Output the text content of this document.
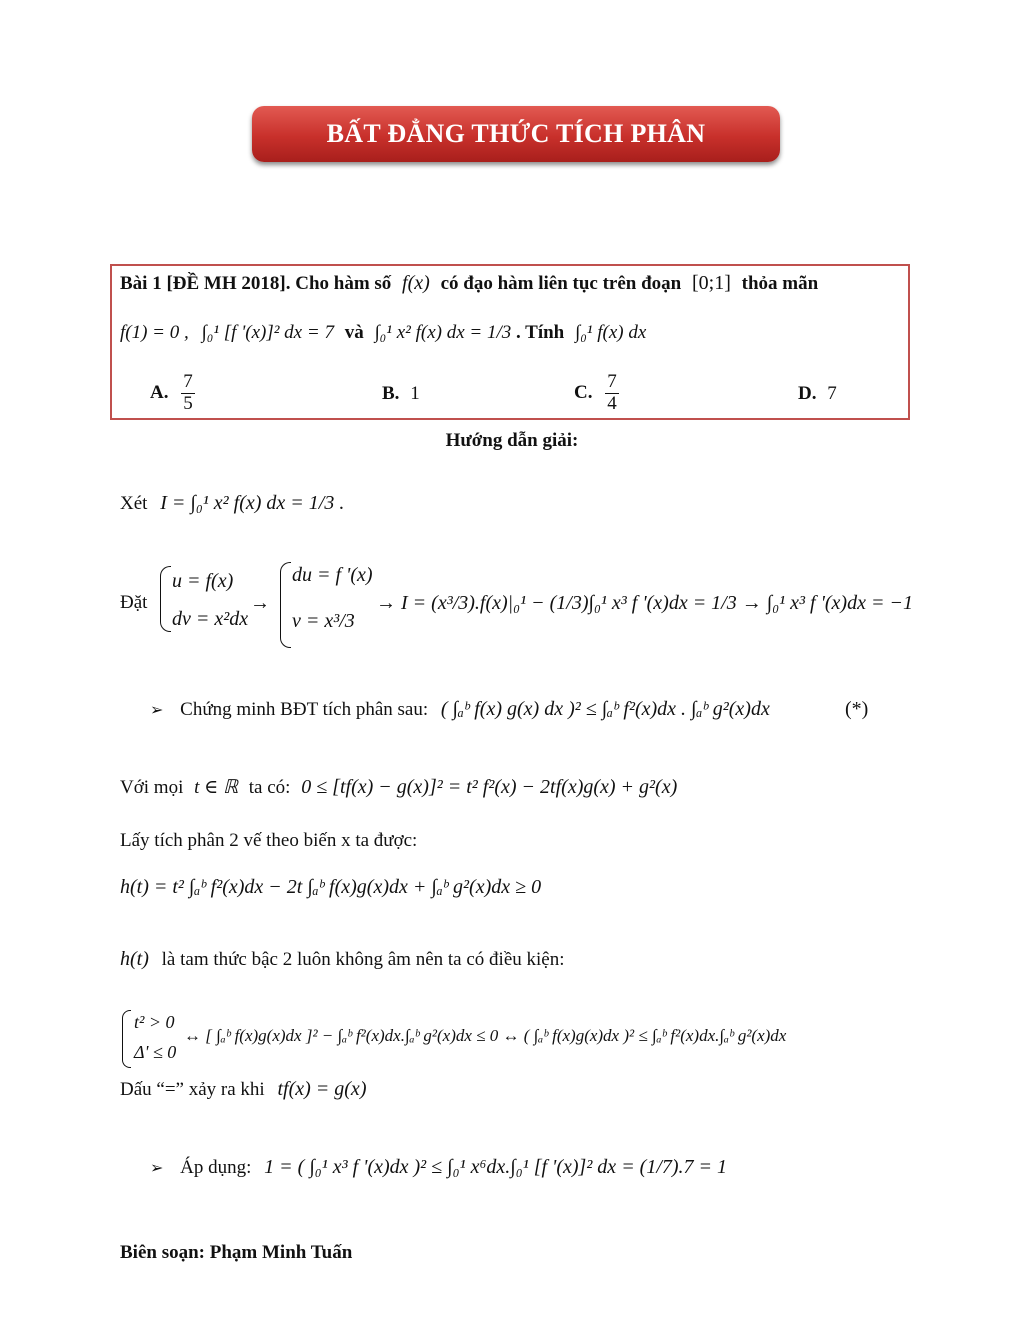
BẤT ĐẲNG THỨC TÍCH PHÂN
Bài 1 [ĐỀ MH 2018]. Cho hàm số f(x) có đạo hàm liên tục trên đoạn [0;1] thỏa mãn
f(1) = 0 , ∫₀¹ [f '(x)]² dx = 7 và ∫₀¹ x² f(x) dx = 1/3 . Tính ∫₀¹ f(x) dx
A. $\frac{7}{5}$	B. 1	C. $\frac{7}{4}$	D. 7
Hướng dẫn giải:
Xét I = ∫₀¹ x² f(x) dx = 1/3 .
Đặt
u = f(x)
dv = x²dx
→
du = f '(x)
v = x³/3
→ I = (x³/3).f(x)|₀¹ − (1/3)∫₀¹ x³ f '(x)dx = 1/3 → ∫₀¹ x³ f '(x)dx = −1
➢ Chứng minh BĐT tích phân sau: ( ∫ₐᵇ f(x) g(x) dx )² ≤ ∫ₐᵇ f²(x)dx . ∫ₐᵇ g²(x)dx	(*)
Với mọi t ∈ ℝ ta có: 0 ≤ [tf(x) − g(x)]² = t² f²(x) − 2tf(x)g(x) + g²(x)
Lấy tích phân 2 vế theo biến x ta được:
h(t) = t² ∫ₐᵇ f²(x)dx − 2t ∫ₐᵇ f(x)g(x)dx + ∫ₐᵇ g²(x)dx ≥ 0
h(t) là tam thức bậc 2 luôn không âm nên ta có điều kiện:
t² > 0
Δ' ≤ 0
↔ [ ∫ₐᵇ f(x)g(x)dx ]² − ∫ₐᵇ f²(x)dx.∫ₐᵇ g²(x)dx ≤ 0 ↔ ( ∫ₐᵇ f(x)g(x)dx )² ≤ ∫ₐᵇ f²(x)dx.∫ₐᵇ g²(x)dx
Dấu “=” xảy ra khi tf(x) = g(x)
➢ Áp dụng: 1 = ( ∫₀¹ x³ f '(x)dx )² ≤ ∫₀¹ x⁶dx.∫₀¹ [f '(x)]² dx = (1/7).7 = 1
Biên soạn: Phạm Minh Tuấn
